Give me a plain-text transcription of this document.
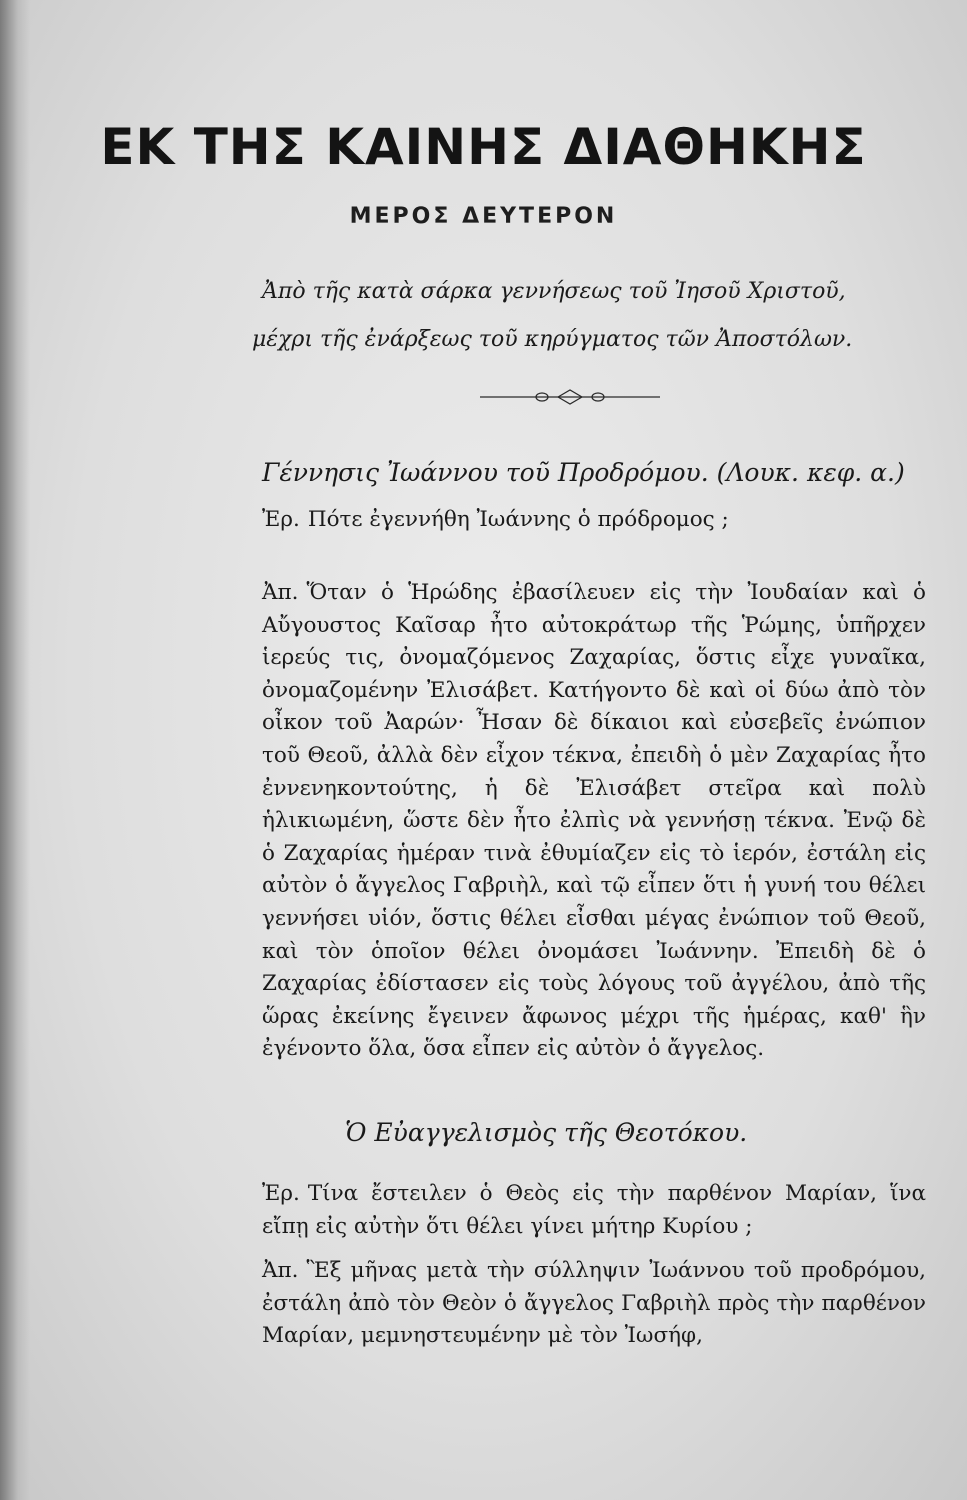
ΕΚ ΤΗΣ ΚΑΙΝΗΣ ΔΙΑΘΗΚΗΣ
ΜΕΡΟΣ ΔΕΥΤΕΡΟΝ

Ἀπὸ τῆς κατὰ σάρκα γεννήσεως τοῦ Ἰησοῦ Χριστοῦ,

μέχρι τῆς ἐνάρξεως τοῦ κηρύγματος τῶν Ἀποστόλων.

Γέννησις Ἰωάννου τοῦ Προδρόμου. (Λουκ. κεφ. α.)

Ἐρ. Πότε ἐγεννήθη Ἰωάννης ὁ πρόδρομος ;

Ἀπ. Ὅταν ὁ Ἡρώδης ἐβασίλευεν εἰς τὴν Ἰουδαίαν καὶ ὁ Αὔγουστος Καῖσαρ ἦτο αὐτοκράτωρ τῆς Ῥώμης, ὑπῆρχεν ἱερεύς τις, ὀνομαζόμενος Ζαχαρίας, ὅστις εἶχε γυναῖκα, ὀνομαζομένην Ἐλισάβετ. Κατήγοντο δὲ καὶ οἱ δύω ἀπὸ τὸν οἶκον τοῦ Ἀαρών· Ἦσαν δὲ δίκαιοι καὶ εὐσεβεῖς ἐνώπιον τοῦ Θεοῦ, ἀλλὰ δὲν εἶχον τέκνα, ἐπειδὴ ὁ μὲν Ζαχαρίας ἦτο ἐννενηκοντούτης, ἡ δὲ Ἐλισάβετ στεῖρα καὶ πολὺ ἡλικιωμένη, ὥστε δὲν ἦτο ἐλπὶς νὰ γεννήσῃ τέκνα. Ἐνῷ δὲ ὁ Ζαχαρίας ἡμέραν τινὰ ἐθυμίαζεν εἰς τὸ ἱερόν, ἐστάλη εἰς αὐτὸν ὁ ἄγγελος Γαβριὴλ, καὶ τῷ εἶπεν ὅτι ἡ γυνή του θέλει γεννήσει υἱόν, ὅστις θέλει εἶσθαι μέγας ἐνώπιον τοῦ Θεοῦ, καὶ τὸν ὁποῖον θέλει ὀνομάσει Ἰωάννην. Ἐπειδὴ δὲ ὁ Ζαχαρίας ἐδίστασεν εἰς τοὺς λόγους τοῦ ἀγγέλου, ἀπὸ τῆς ὥρας ἐκείνης ἔγεινεν ἄφωνος μέχρι τῆς ἡμέρας, καθ' ἣν ἐγένοντο ὅλα, ὅσα εἶπεν εἰς αὐτὸν ὁ ἄγγελος.

Ὁ Εὐαγγελισμὸς τῆς Θεοτόκου.

Ἐρ. Τίνα ἔστειλεν ὁ Θεὸς εἰς τὴν παρθένον Μαρίαν, ἵνα εἴπῃ εἰς αὐτὴν ὅτι θέλει γίνει μήτηρ Κυρίου ;

Ἀπ. Ἓξ μῆνας μετὰ τὴν σύλληψιν Ἰωάννου τοῦ προδρόμου, ἐστάλη ἀπὸ τὸν Θεὸν ὁ ἄγγελος Γαβριὴλ πρὸς τὴν παρθένον Μαρίαν, μεμνηστευμένην μὲ τὸν Ἰωσήφ,
